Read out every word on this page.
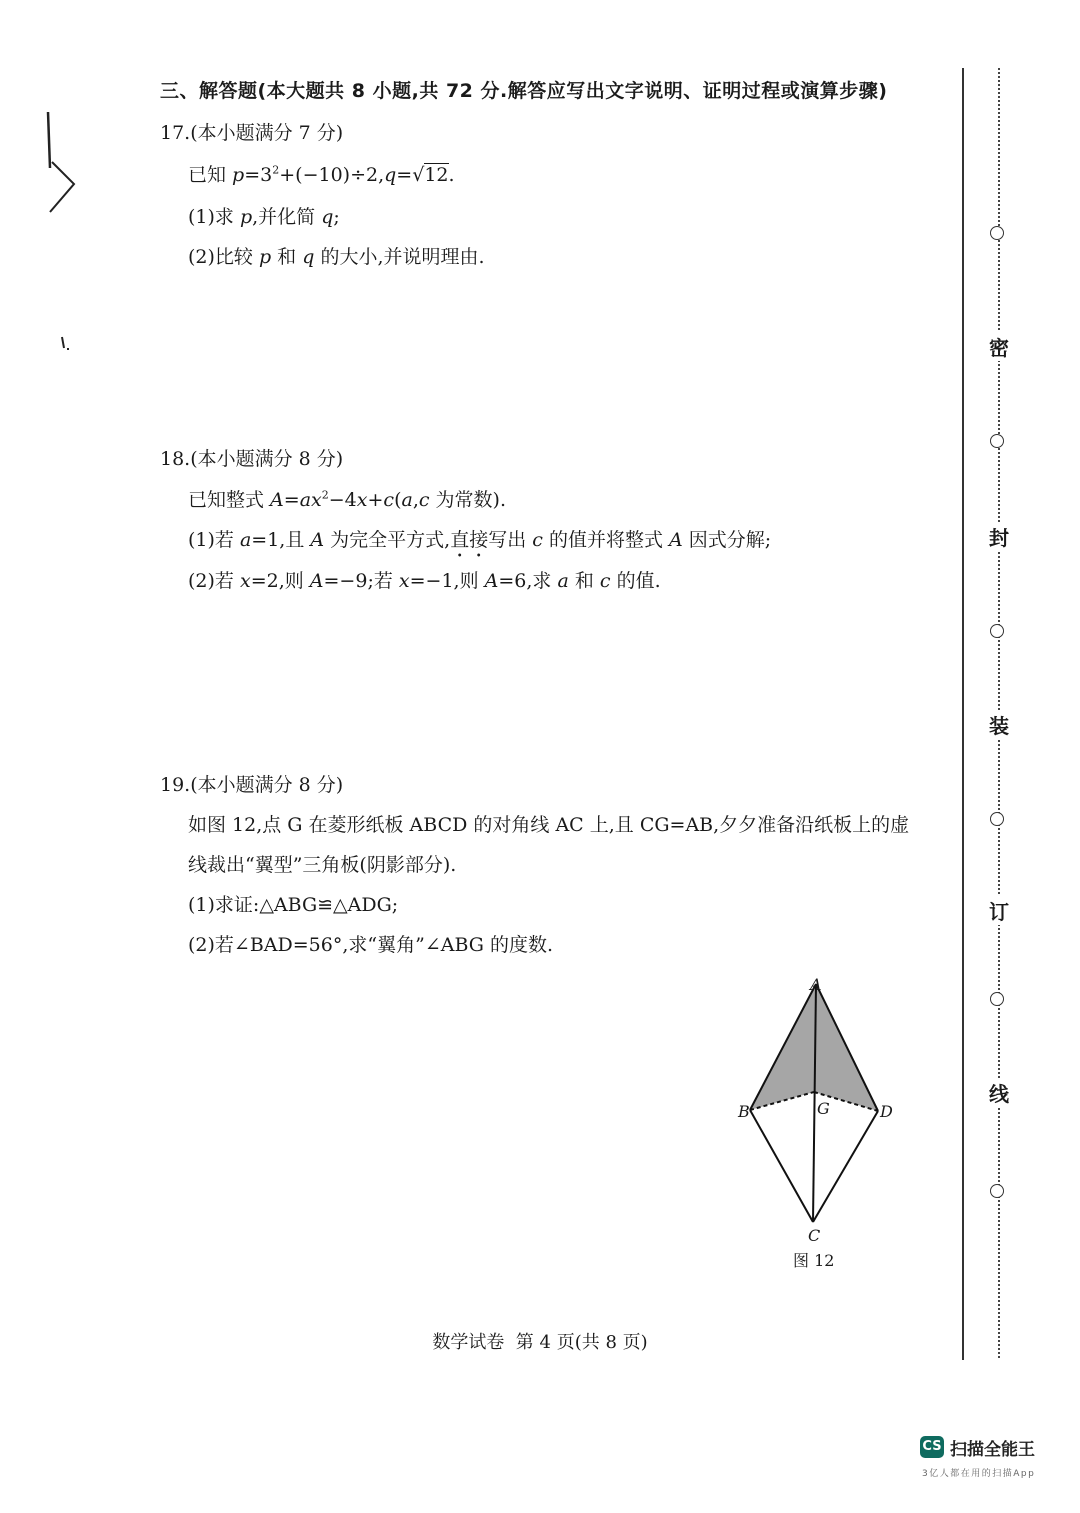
三、解答题(本大题共 8 小题,共 72 分.解答应写出文字说明、证明过程或演算步骤)
17.(本小题满分 7 分)
已知 $p=3^2+(-10)\div 2,q=√12$.
(1)求 p,并化简 q;
(2)比较 p 和 q 的大小,并说明理由.
18.(本小题满分 8 分)
已知整式 $A=ax^2-4x+c(a,c$ 为常数).
(1)若 a=1,且 A 为完全平方式,直接写出 c 的值并将整式 A 因式分解;
(2)若 x=2,则 A=−9;若 x=−1,则 A=6,求 a 和 c 的值.
19.(本小题满分 8 分)
如图 12,点 G 在菱形纸板 ABCD 的对角线 AC 上,且 CG=AB,夕夕准备沿纸板上的虚
线裁出“翼型”三角板(阴影部分).
(1)求证:△ABG≌△ADG;
(2)若∠BAD=56°,求“翼角”∠ABG 的度数.
A
B	D
G
C
图 12
密
封
装
订
线
数学试卷  第 4 页(共 8 页)
CS 扫描全能王
3亿人都在用的扫描App
